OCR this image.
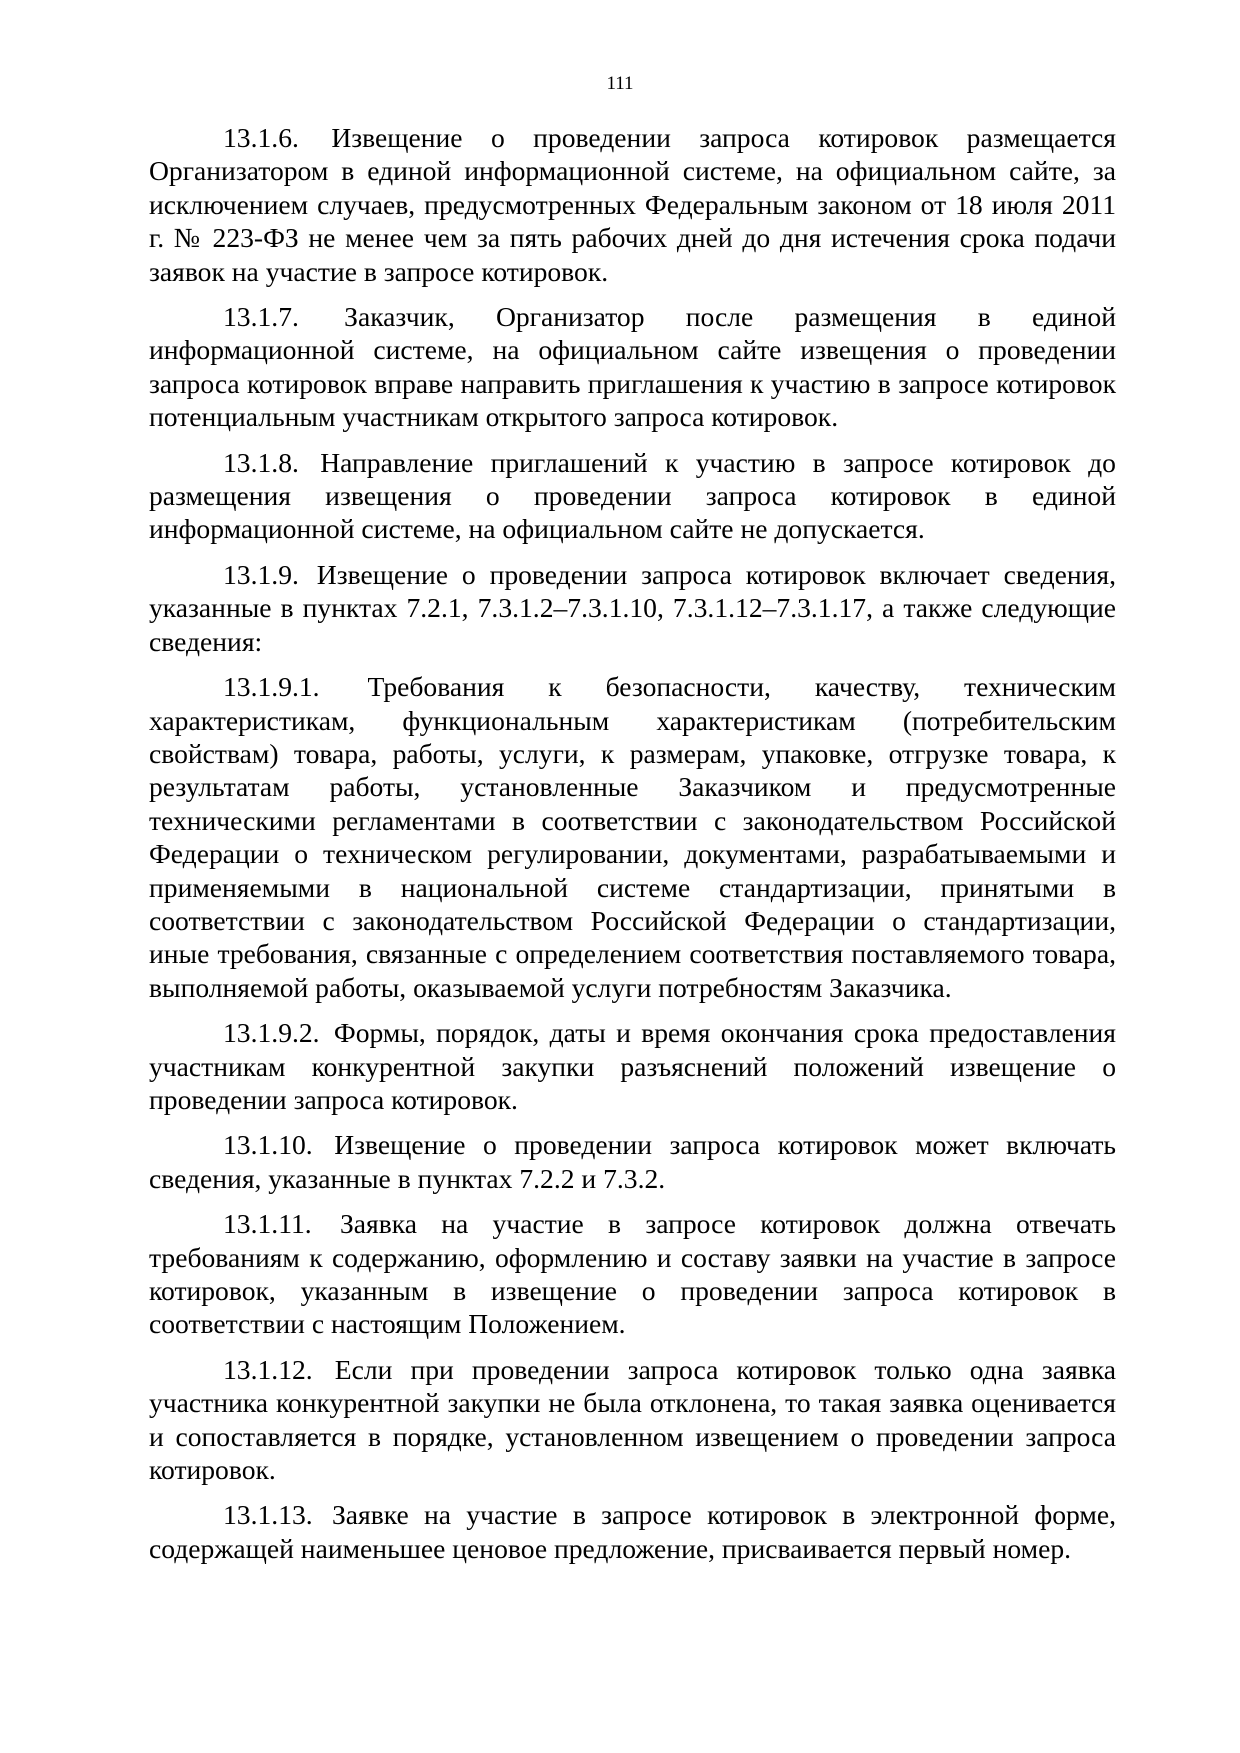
111

13.1.6. Извещение о проведении запроса котировок размещается Организатором в единой информационной системе, на официальном сайте, за исключением случаев, предусмотренных Федеральным законом от 18 июля 2011 г. № 223-ФЗ не менее чем за пять рабочих дней до дня истечения срока подачи заявок на участие в запросе котировок.

13.1.7. Заказчик, Организатор после размещения в единой информационной системе, на официальном сайте извещения о проведении запроса котировок вправе направить приглашения к участию в запросе котировок потенциальным участникам открытого запроса котировок.

13.1.8. Направление приглашений к участию в запросе котировок до размещения извещения о проведении запроса котировок в единой информационной системе, на официальном сайте не допускается.

13.1.9. Извещение о проведении запроса котировок включает сведения, указанные в пунктах 7.2.1, 7.3.1.2–7.3.1.10, 7.3.1.12–7.3.1.17, а также следующие сведения:

13.1.9.1. Требования к безопасности, качеству, техническим характеристикам, функциональным характеристикам (потребительским свойствам) товара, работы, услуги, к размерам, упаковке, отгрузке товара, к результатам работы, установленные Заказчиком и предусмотренные техническими регламентами в соответствии с законодательством Российской Федерации о техническом регулировании, документами, разрабатываемыми и применяемыми в национальной системе стандартизации, принятыми в соответствии с законодательством Российской Федерации о стандартизации, иные требования, связанные с определением соответствия поставляемого товара, выполняемой работы, оказываемой услуги потребностям Заказчика.

13.1.9.2. Формы, порядок, даты и время окончания срока предоставления участникам конкурентной закупки разъяснений положений извещение о проведении запроса котировок.

13.1.10. Извещение о проведении запроса котировок может включать сведения, указанные в пунктах 7.2.2 и 7.3.2.

13.1.11. Заявка на участие в запросе котировок должна отвечать требованиям к содержанию, оформлению и составу заявки на участие в запросе котировок, указанным в извещение о проведении запроса котировок в соответствии с настоящим Положением.

13.1.12. Если при проведении запроса котировок только одна заявка участника конкурентной закупки не была отклонена, то такая заявка оценивается и сопоставляется в порядке, установленном извещением о проведении запроса котировок.

13.1.13. Заявке на участие в запросе котировок в электронной форме, содержащей наименьшее ценовое предложение, присваивается первый номер.
